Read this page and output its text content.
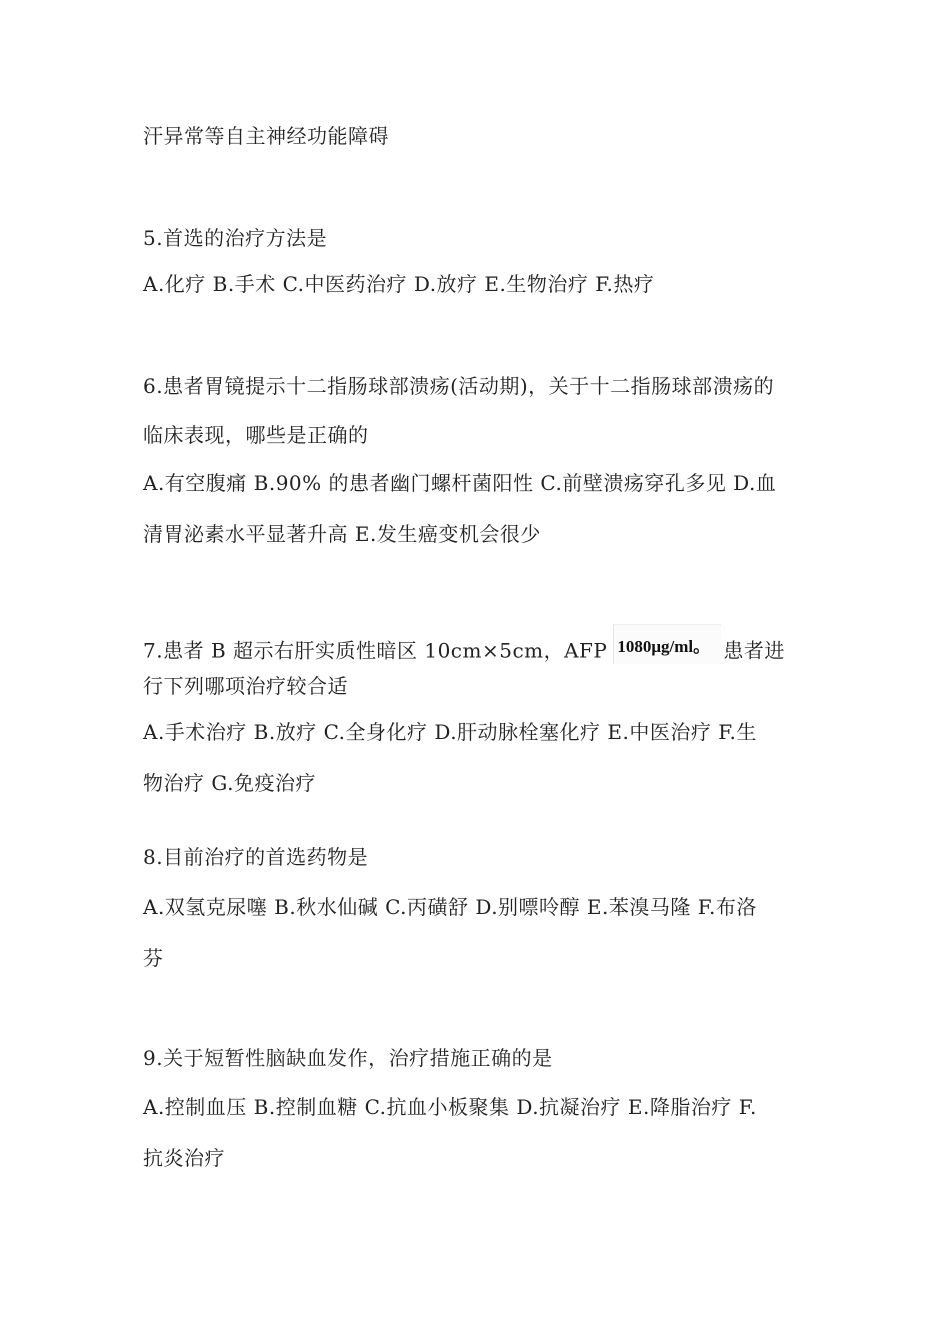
汗异常等自主神经功能障碍
5.首选的治疗方法是
A.化疗 B.手术 C.中医药治疗 D.放疗 E.生物治疗 F.热疗
6.患者胃镜提示十二指肠球部溃疡(活动期)，关于十二指肠球部溃疡的
临床表现，哪些是正确的
A.有空腹痛 B.90% 的患者幽门螺杆菌阳性 C.前壁溃疡穿孔多见 D.血
清胃泌素水平显著升高 E.发生癌变机会很少
7.患者 B 超示右肝实质性暗区 10cm×5cm，AFP 1080μg/ml。 患者进
行下列哪项治疗较合适
A.手术治疗 B.放疗 C.全身化疗 D.肝动脉栓塞化疗 E.中医治疗 F.生
物治疗 G.免疫治疗
8.目前治疗的首选药物是
A.双氢克尿噻 B.秋水仙碱 C.丙磺舒 D.别嘌呤醇 E.苯溴马隆 F.布洛
芬
9.关于短暂性脑缺血发作，治疗措施正确的是
A.控制血压 B.控制血糖 C.抗血小板聚集 D.抗凝治疗 E.降脂治疗 F.
抗炎治疗
